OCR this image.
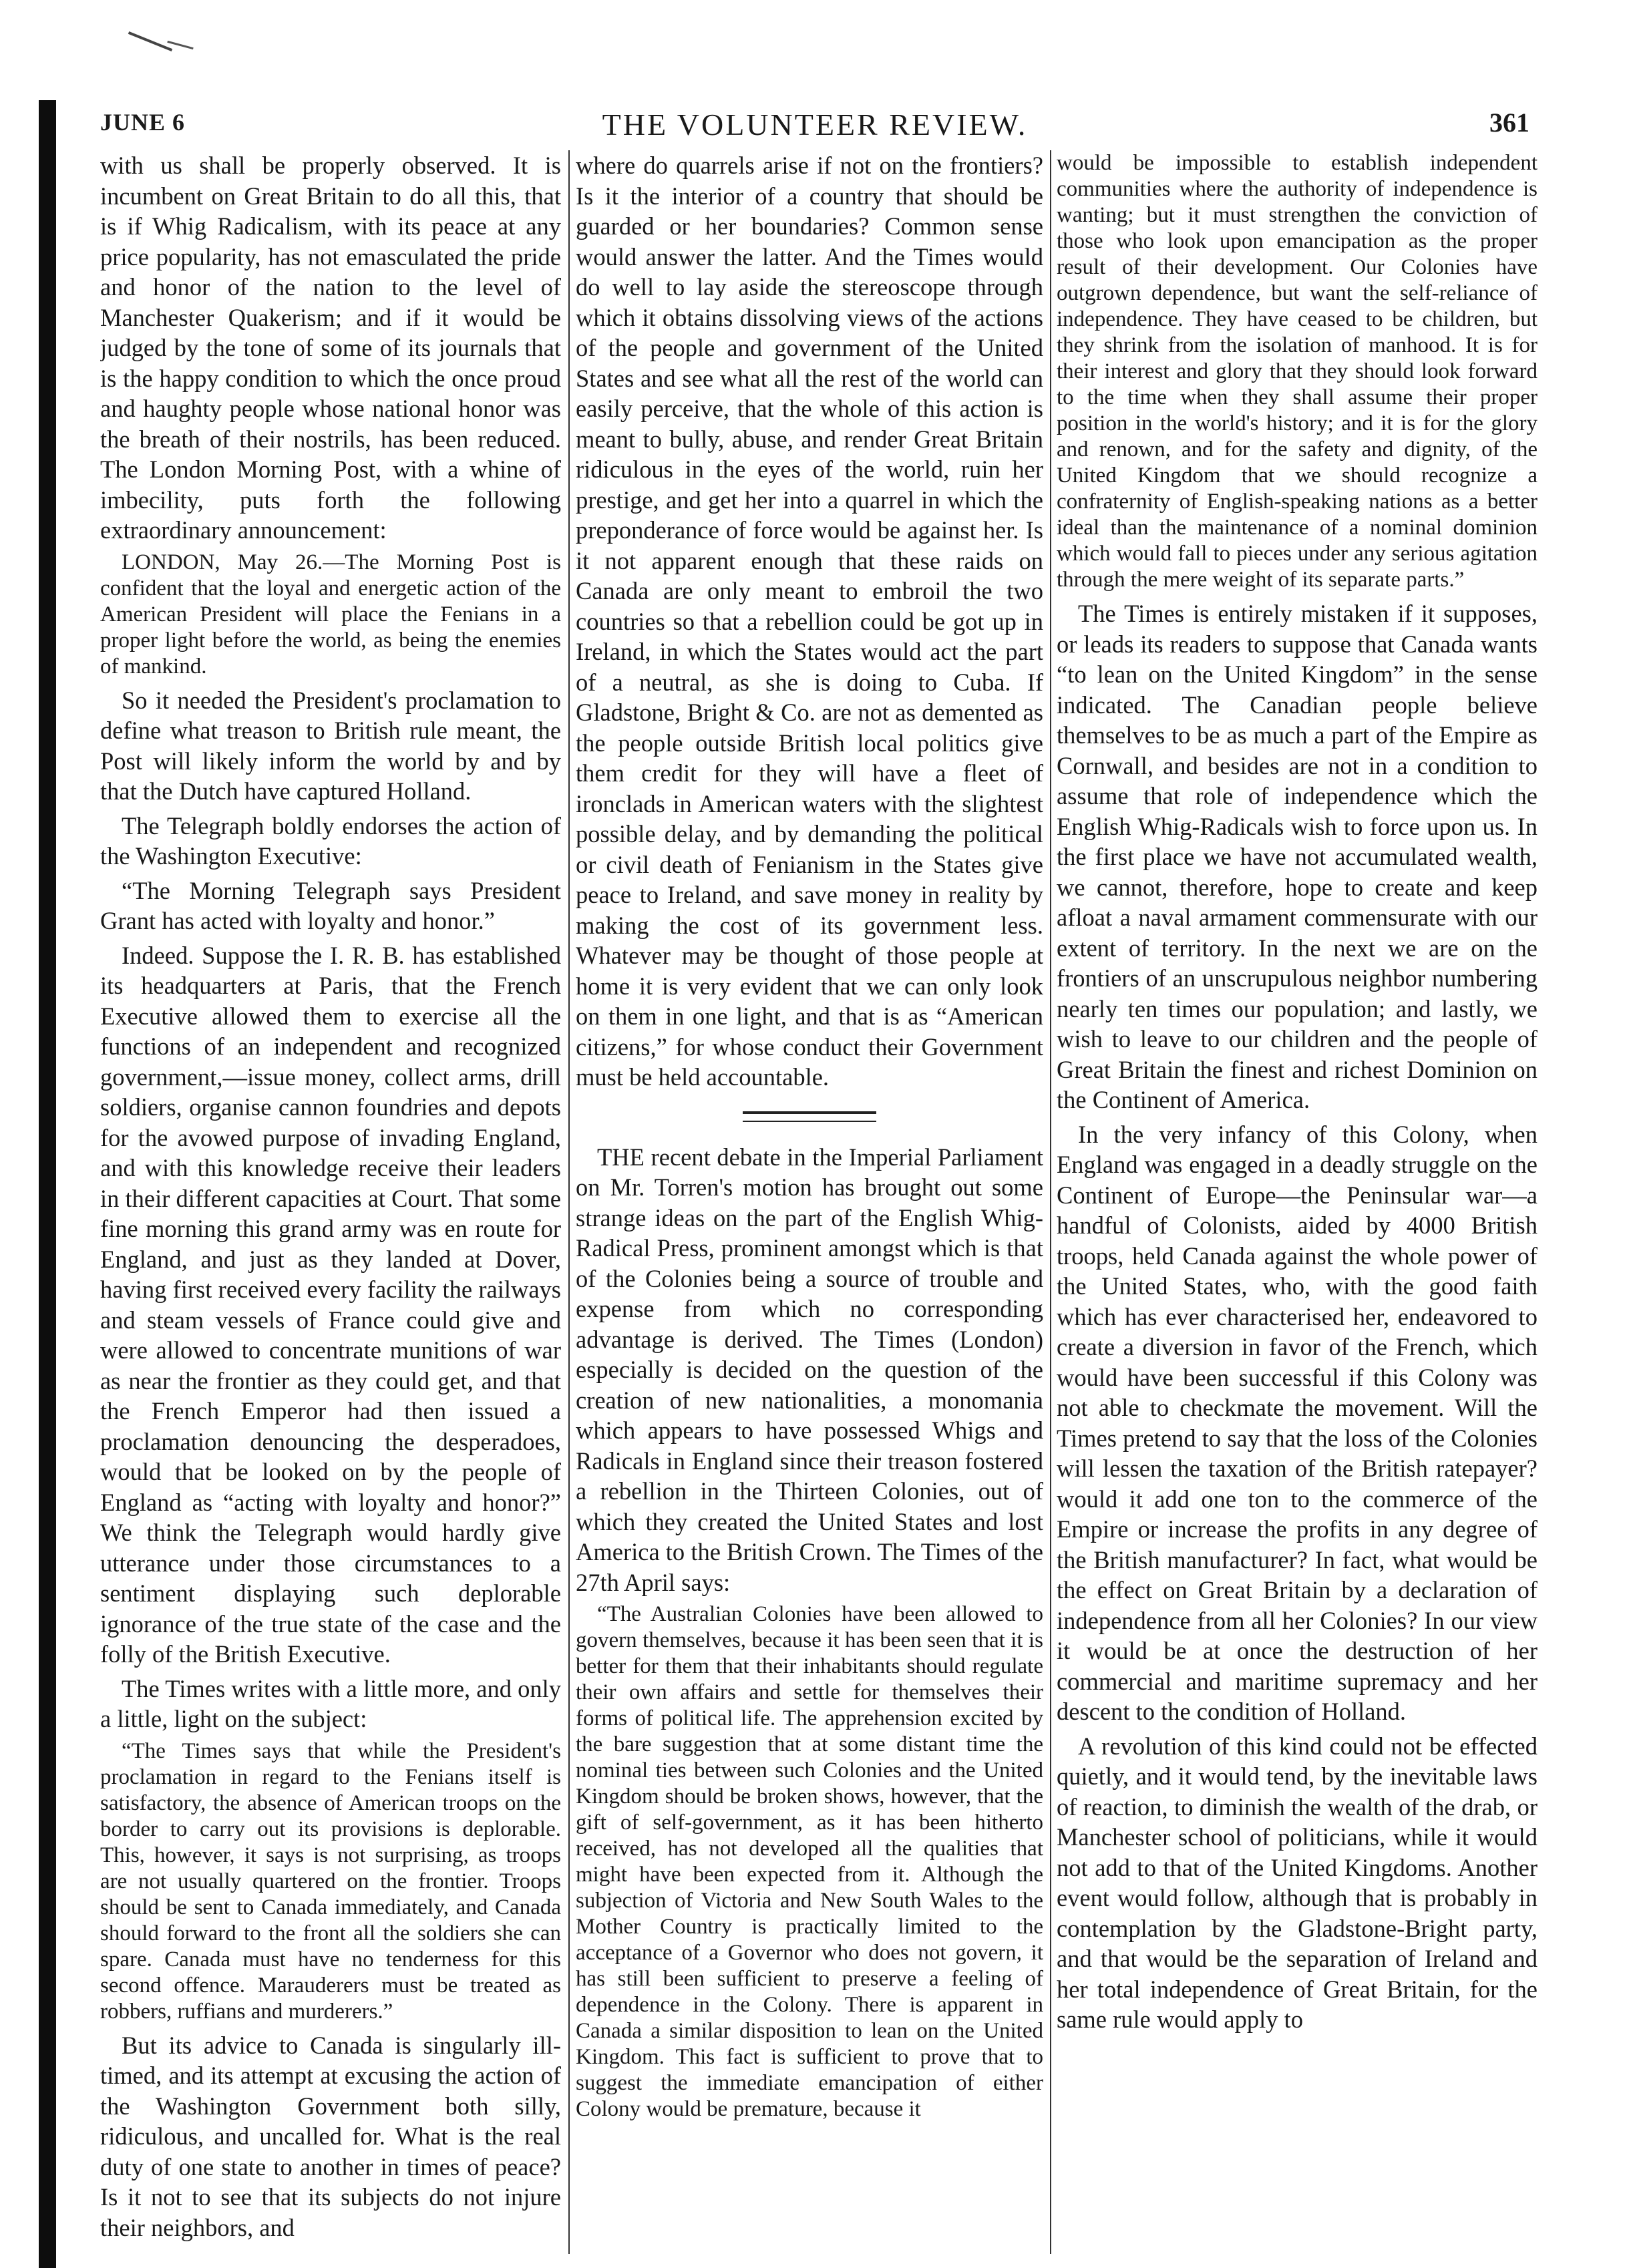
JUNE 6	THE VOLUNTEER REVIEW.	361

with us shall be properly observed. It is incumbent on Great Britain to do all this, that is if Whig Radicalism, with its peace at any price popularity, has not emasculated the pride and honor of the nation to the level of Manchester Quakerism; and if it would be judged by the tone of some of its journals that is the happy condition to which the once proud and haughty people whose national honor was the breath of their nostrils, has been reduced. The London Morning Post, with a whine of imbecility, puts forth the following extraordinary announcement:

LONDON, May 26.—The Morning Post is confident that the loyal and energetic action of the American President will place the Fenians in a proper light before the world, as being the enemies of mankind.

So it needed the President's proclamation to define what treason to British rule meant, the Post will likely inform the world by and by that the Dutch have captured Holland.

The Telegraph boldly endorses the action of the Washington Executive:

“The Morning Telegraph says President Grant has acted with loyalty and honor.”

Indeed. Suppose the I. R. B. has established its headquarters at Paris, that the French Executive allowed them to exercise all the functions of an independent and recognized government,—issue money, collect arms, drill soldiers, organise cannon foundries and depots for the avowed purpose of invading England, and with this knowledge receive their leaders in their different capacities at Court. That some fine morning this grand army was en route for England, and just as they landed at Dover, having first received every facility the railways and steam vessels of France could give and were allowed to concentrate munitions of war as near the frontier as they could get, and that the French Emperor had then issued a proclamation denouncing the desperadoes, would that be looked on by the people of England as “acting with loyalty and honor?” We think the Telegraph would hardly give utterance under those circumstances to a sentiment displaying such deplorable ignorance of the true state of the case and the folly of the British Executive.

The Times writes with a little more, and only a little, light on the subject:

“The Times says that while the President's proclamation in regard to the Fenians itself is satisfactory, the absence of American troops on the border to carry out its provisions is deplorable. This, however, it says is not surprising, as troops are not usually quartered on the frontier. Troops should be sent to Canada immediately, and Canada should forward to the front all the soldiers she can spare. Canada must have no tenderness for this second offence. Marauderers must be treated as robbers, ruffians and murderers.”

But its advice to Canada is singularly ill-timed, and its attempt at excusing the action of the Washington Government both silly, ridiculous, and uncalled for. What is the real duty of one state to another in times of peace? Is it not to see that its subjects do not injure their neighbors, and

where do quarrels arise if not on the frontiers? Is it the interior of a country that should be guarded or her boundaries? Common sense would answer the latter. And the Times would do well to lay aside the stereoscope through which it obtains dissolving views of the actions of the people and government of the United States and see what all the rest of the world can easily perceive, that the whole of this action is meant to bully, abuse, and render Great Britain ridiculous in the eyes of the world, ruin her prestige, and get her into a quarrel in which the preponderance of force would be against her. Is it not apparent enough that these raids on Canada are only meant to embroil the two countries so that a rebellion could be got up in Ireland, in which the States would act the part of a neutral, as she is doing to Cuba. If Gladstone, Bright & Co. are not as demented as the people outside British local politics give them credit for they will have a fleet of ironclads in American waters with the slightest possible delay, and by demanding the political or civil death of Fenianism in the States give peace to Ireland, and save money in reality by making the cost of its government less. Whatever may be thought of those people at home it is very evident that we can only look on them in one light, and that is as “American citizens,” for whose conduct their Government must be held accountable.

THE recent debate in the Imperial Parliament on Mr. Torren's motion has brought out some strange ideas on the part of the English Whig-Radical Press, prominent amongst which is that of the Colonies being a source of trouble and expense from which no corresponding advantage is derived. The Times (London) especially is decided on the question of the creation of new nationalities, a monomania which appears to have possessed Whigs and Radicals in England since their treason fostered a rebellion in the Thirteen Colonies, out of which they created the United States and lost America to the British Crown. The Times of the 27th April says:

“The Australian Colonies have been allowed to govern themselves, because it has been seen that it is better for them that their inhabitants should regulate their own affairs and settle for themselves their forms of political life. The apprehension excited by the bare suggestion that at some distant time the nominal ties between such Colonies and the United Kingdom should be broken shows, however, that the gift of self-government, as it has been hitherto received, has not developed all the qualities that might have been expected from it. Although the subjection of Victoria and New South Wales to the Mother Country is practically limited to the acceptance of a Governor who does not govern, it has still been sufficient to preserve a feeling of dependence in the Colony. There is apparent in Canada a similar disposition to lean on the United Kingdom. This fact is sufficient to prove that to suggest the immediate emancipation of either Colony would be premature, because it

would be impossible to establish independent communities where the authority of independence is wanting; but it must strengthen the conviction of those who look upon emancipation as the proper result of their development. Our Colonies have outgrown dependence, but want the self-reliance of independence. They have ceased to be children, but they shrink from the isolation of manhood. It is for their interest and glory that they should look forward to the time when they shall assume their proper position in the world's history; and it is for the glory and renown, and for the safety and dignity, of the United Kingdom that we should recognize a confraternity of English-speaking nations as a better ideal than the maintenance of a nominal dominion which would fall to pieces under any serious agitation through the mere weight of its separate parts.”

The Times is entirely mistaken if it supposes, or leads its readers to suppose that Canada wants “to lean on the United Kingdom” in the sense indicated. The Canadian people believe themselves to be as much a part of the Empire as Cornwall, and besides are not in a condition to assume that role of independence which the English Whig-Radicals wish to force upon us. In the first place we have not accumulated wealth, we cannot, therefore, hope to create and keep afloat a naval armament commensurate with our extent of territory. In the next we are on the frontiers of an unscrupulous neighbor numbering nearly ten times our population; and lastly, we wish to leave to our children and the people of Great Britain the finest and richest Dominion on the Continent of America.

In the very infancy of this Colony, when England was engaged in a deadly struggle on the Continent of Europe—the Peninsular war—a handful of Colonists, aided by 4000 British troops, held Canada against the whole power of the United States, who, with the good faith which has ever characterised her, endeavored to create a diversion in favor of the French, which would have been successful if this Colony was not able to checkmate the movement. Will the Times pretend to say that the loss of the Colonies will lessen the taxation of the British ratepayer? would it add one ton to the commerce of the Empire or increase the profits in any degree of the British manufacturer? In fact, what would be the effect on Great Britain by a declaration of independence from all her Colonies? In our view it would be at once the destruction of her commercial and maritime supremacy and her descent to the condition of Holland.

A revolution of this kind could not be effected quietly, and it would tend, by the inevitable laws of reaction, to diminish the wealth of the drab, or Manchester school of politicians, while it would not add to that of the United Kingdoms. Another event would follow, although that is probably in contemplation by the Gladstone-Bright party, and that would be the separation of Ireland and her total independence of Great Britain, for the same rule would apply to
